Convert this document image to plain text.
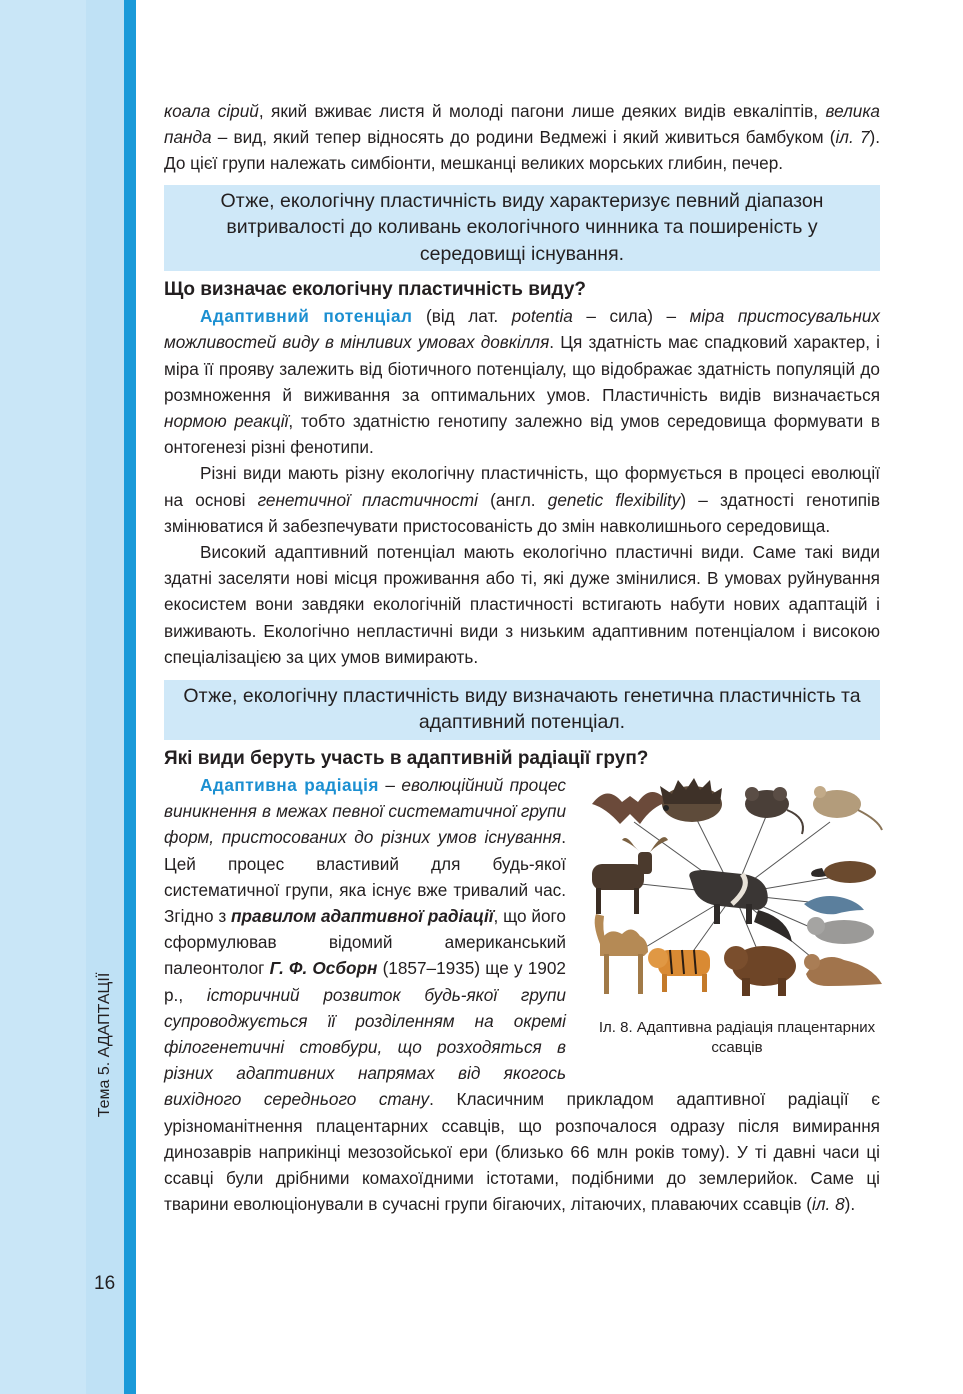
Тема 5. АДАПТАЦІЇ
16

коала сірий, який вживає листя й молоді пагони лише деяких видів евкаліптів, велика панда – вид, який тепер відносять до родини Ведмежі і який живиться бамбуком (іл. 7). До цієї групи належать симбіонти, мешканці великих морських глибин, печер.

Отже, екологічну пластичність виду характеризує певний діапазон витривалості до коливань екологічного чинника та поширеність у середовищі існування.
Що визначає екологічну пластичність виду?

Адаптивний потенціал (від лат. potentia – сила) – міра пристосувальних можливостей виду в мінливих умовах довкілля. Ця здатність має спадковий характер, і міра її прояву залежить від біотичного потенціалу, що відображає здатність популяцій до розмноження й виживання за оптимальних умов. Пластичність видів визначається нормою реакції, тобто здатністю генотипу залежно від умов середовища формувати в онтогенезі різні фенотипи.

Різні види мають різну екологічну пластичність, що формується в процесі еволюції на основі генетичної пластичності (англ. genetic flexibility) – здатності генотипів змінюватися й забезпечувати пристосованість до змін навколишнього середовища.

Високий адаптивний потенціал мають екологічно пластичні види. Саме такі види здатні заселяти нові місця проживання або ті, які дуже змінилися. В умовах руйнування екосистем вони завдяки екологічній пластичності встигають набути нових адаптацій і виживають. Екологічно непластичні види з низьким адаптивним потенціалом і високою спеціалізацією за цих умов вимирають.

Отже, екологічну пластичність виду визначають генетична пластичність та адаптивний потенціал.
Які види беруть участь в адаптивній радіації груп?
Іл. 8. Адаптивна радіація плацентарних ссавців

Адаптивна радіація – еволюційний процес виникнення в межах певної систематичної групи форм, пристосованих до різних умов існування. Цей процес властивий для будь-якої систематичної групи, яка існує вже тривалий час. Згідно з правилом адаптивної радіації, що його сформулював відомий американський палеонтолог Г. Ф. Осборн (1857–1935) ще у 1902 р., історичний розвиток будь-якої групи супроводжується її розділенням на окремі філогенетичні стовбури, що розходяться в різних адаптивних напрямах від якогось вихідного середнього стану. Класичним прикладом адаптивної радіації є урізноманітнення плацентарних ссавців, що розпочалося одразу після вимирання динозаврів наприкінці мезозойської ери (близько 66 млн років тому). У ті давні часи ці ссавці були дрібними комахоїдними істотами, подібними до землерийок. Саме ці тварини еволюціонували в сучасні групи бігаючих, літаючих, плаваючих ссавців (іл. 8).
